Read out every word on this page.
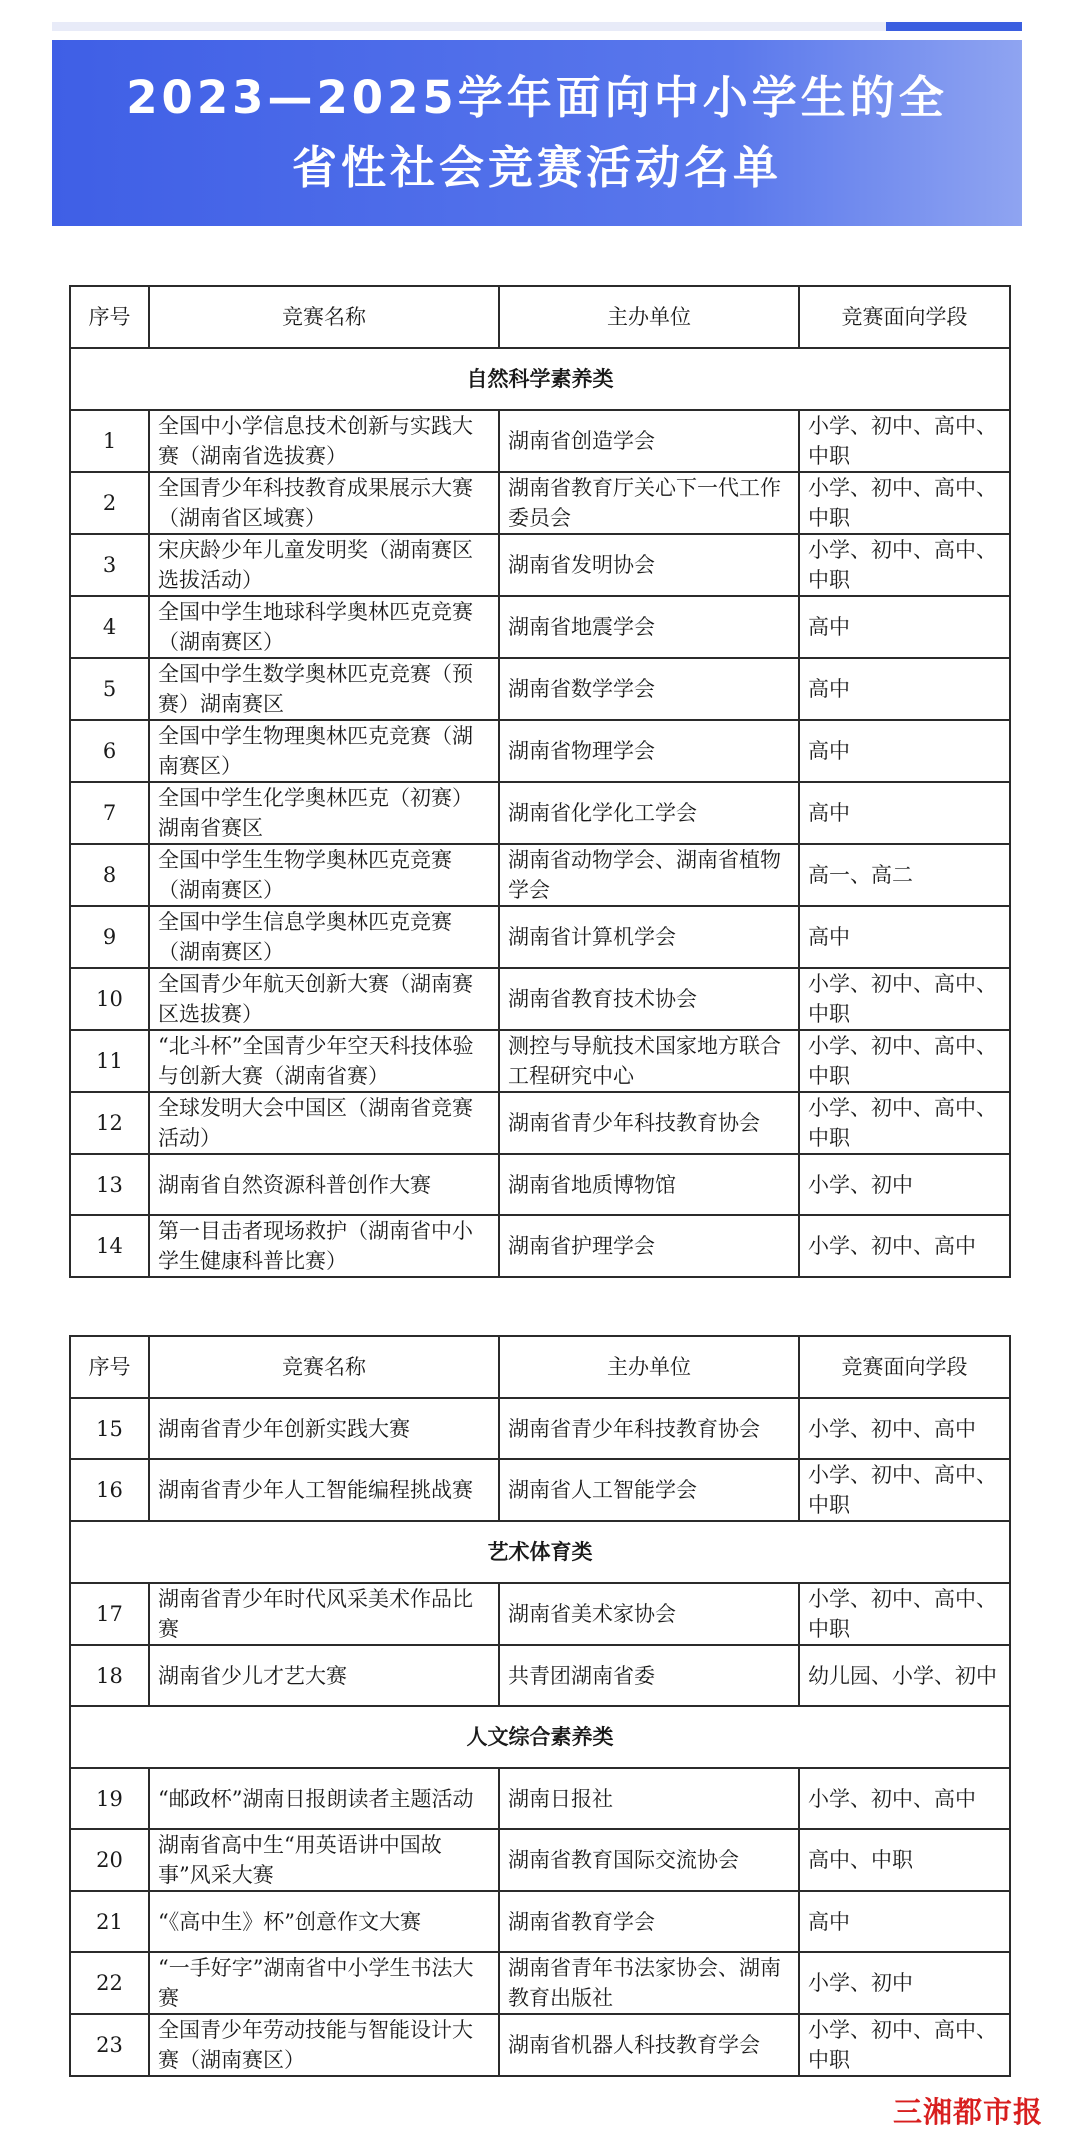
2023—2025学年面向中小学生的全省性社会竞赛活动名单
序号	竞赛名称	主办单位	竞赛面向学段
自然科学素养类			
1	全国中小学信息技术创新与实践大赛（湖南省选拔赛）	湖南省创造学会	小学、初中、高中、中职
2	全国青少年科技教育成果展示大赛（湖南省区域赛）	湖南省教育厅关心下一代工作委员会	小学、初中、高中、中职
3	宋庆龄少年儿童发明奖（湖南赛区选拔活动）	湖南省发明协会	小学、初中、高中、中职
4	全国中学生地球科学奥林匹克竞赛（湖南赛区）	湖南省地震学会	高中
5	全国中学生数学奥林匹克竞赛（预赛）湖南赛区	湖南省数学学会	高中
6	全国中学生物理奥林匹克竞赛（湖南赛区）	湖南省物理学会	高中
7	全国中学生化学奥林匹克（初赛）湖南省赛区	湖南省化学化工学会	高中
8	全国中学生生物学奥林匹克竞赛（湖南赛区）	湖南省动物学会、湖南省植物学会	高一、高二
9	全国中学生信息学奥林匹克竞赛（湖南赛区）	湖南省计算机学会	高中
10	全国青少年航天创新大赛（湖南赛区选拔赛）	湖南省教育技术协会	小学、初中、高中、中职
11	“北斗杯”全国青少年空天科技体验与创新大赛（湖南省赛）	测控与导航技术国家地方联合工程研究中心	小学、初中、高中、中职
12	全球发明大会中国区（湖南省竞赛活动）	湖南省青少年科技教育协会	小学、初中、高中、中职
13	湖南省自然资源科普创作大赛	湖南省地质博物馆	小学、初中
14	第一目击者现场救护（湖南省中小学生健康科普比赛）	湖南省护理学会	小学、初中、高中
序号	竞赛名称	主办单位	竞赛面向学段
15	湖南省青少年创新实践大赛	湖南省青少年科技教育协会	小学、初中、高中
16	湖南省青少年人工智能编程挑战赛	湖南省人工智能学会	小学、初中、高中、中职
艺术体育类			
17	湖南省青少年时代风采美术作品比赛	湖南省美术家协会	小学、初中、高中、中职
18	湖南省少儿才艺大赛	共青团湖南省委	幼儿园、小学、初中
人文综合素养类			
19	“邮政杯”湖南日报朗读者主题活动	湖南日报社	小学、初中、高中
20	湖南省高中生“用英语讲中国故事”风采大赛	湖南省教育国际交流协会	高中、中职
21	“《高中生》杯”创意作文大赛	湖南省教育学会	高中
22	“一手好字”湖南省中小学生书法大赛	湖南省青年书法家协会、湖南教育出版社	小学、初中
23	全国青少年劳动技能与智能设计大赛（湖南赛区）	湖南省机器人科技教育学会	小学、初中、高中、中职
三湘都市报
